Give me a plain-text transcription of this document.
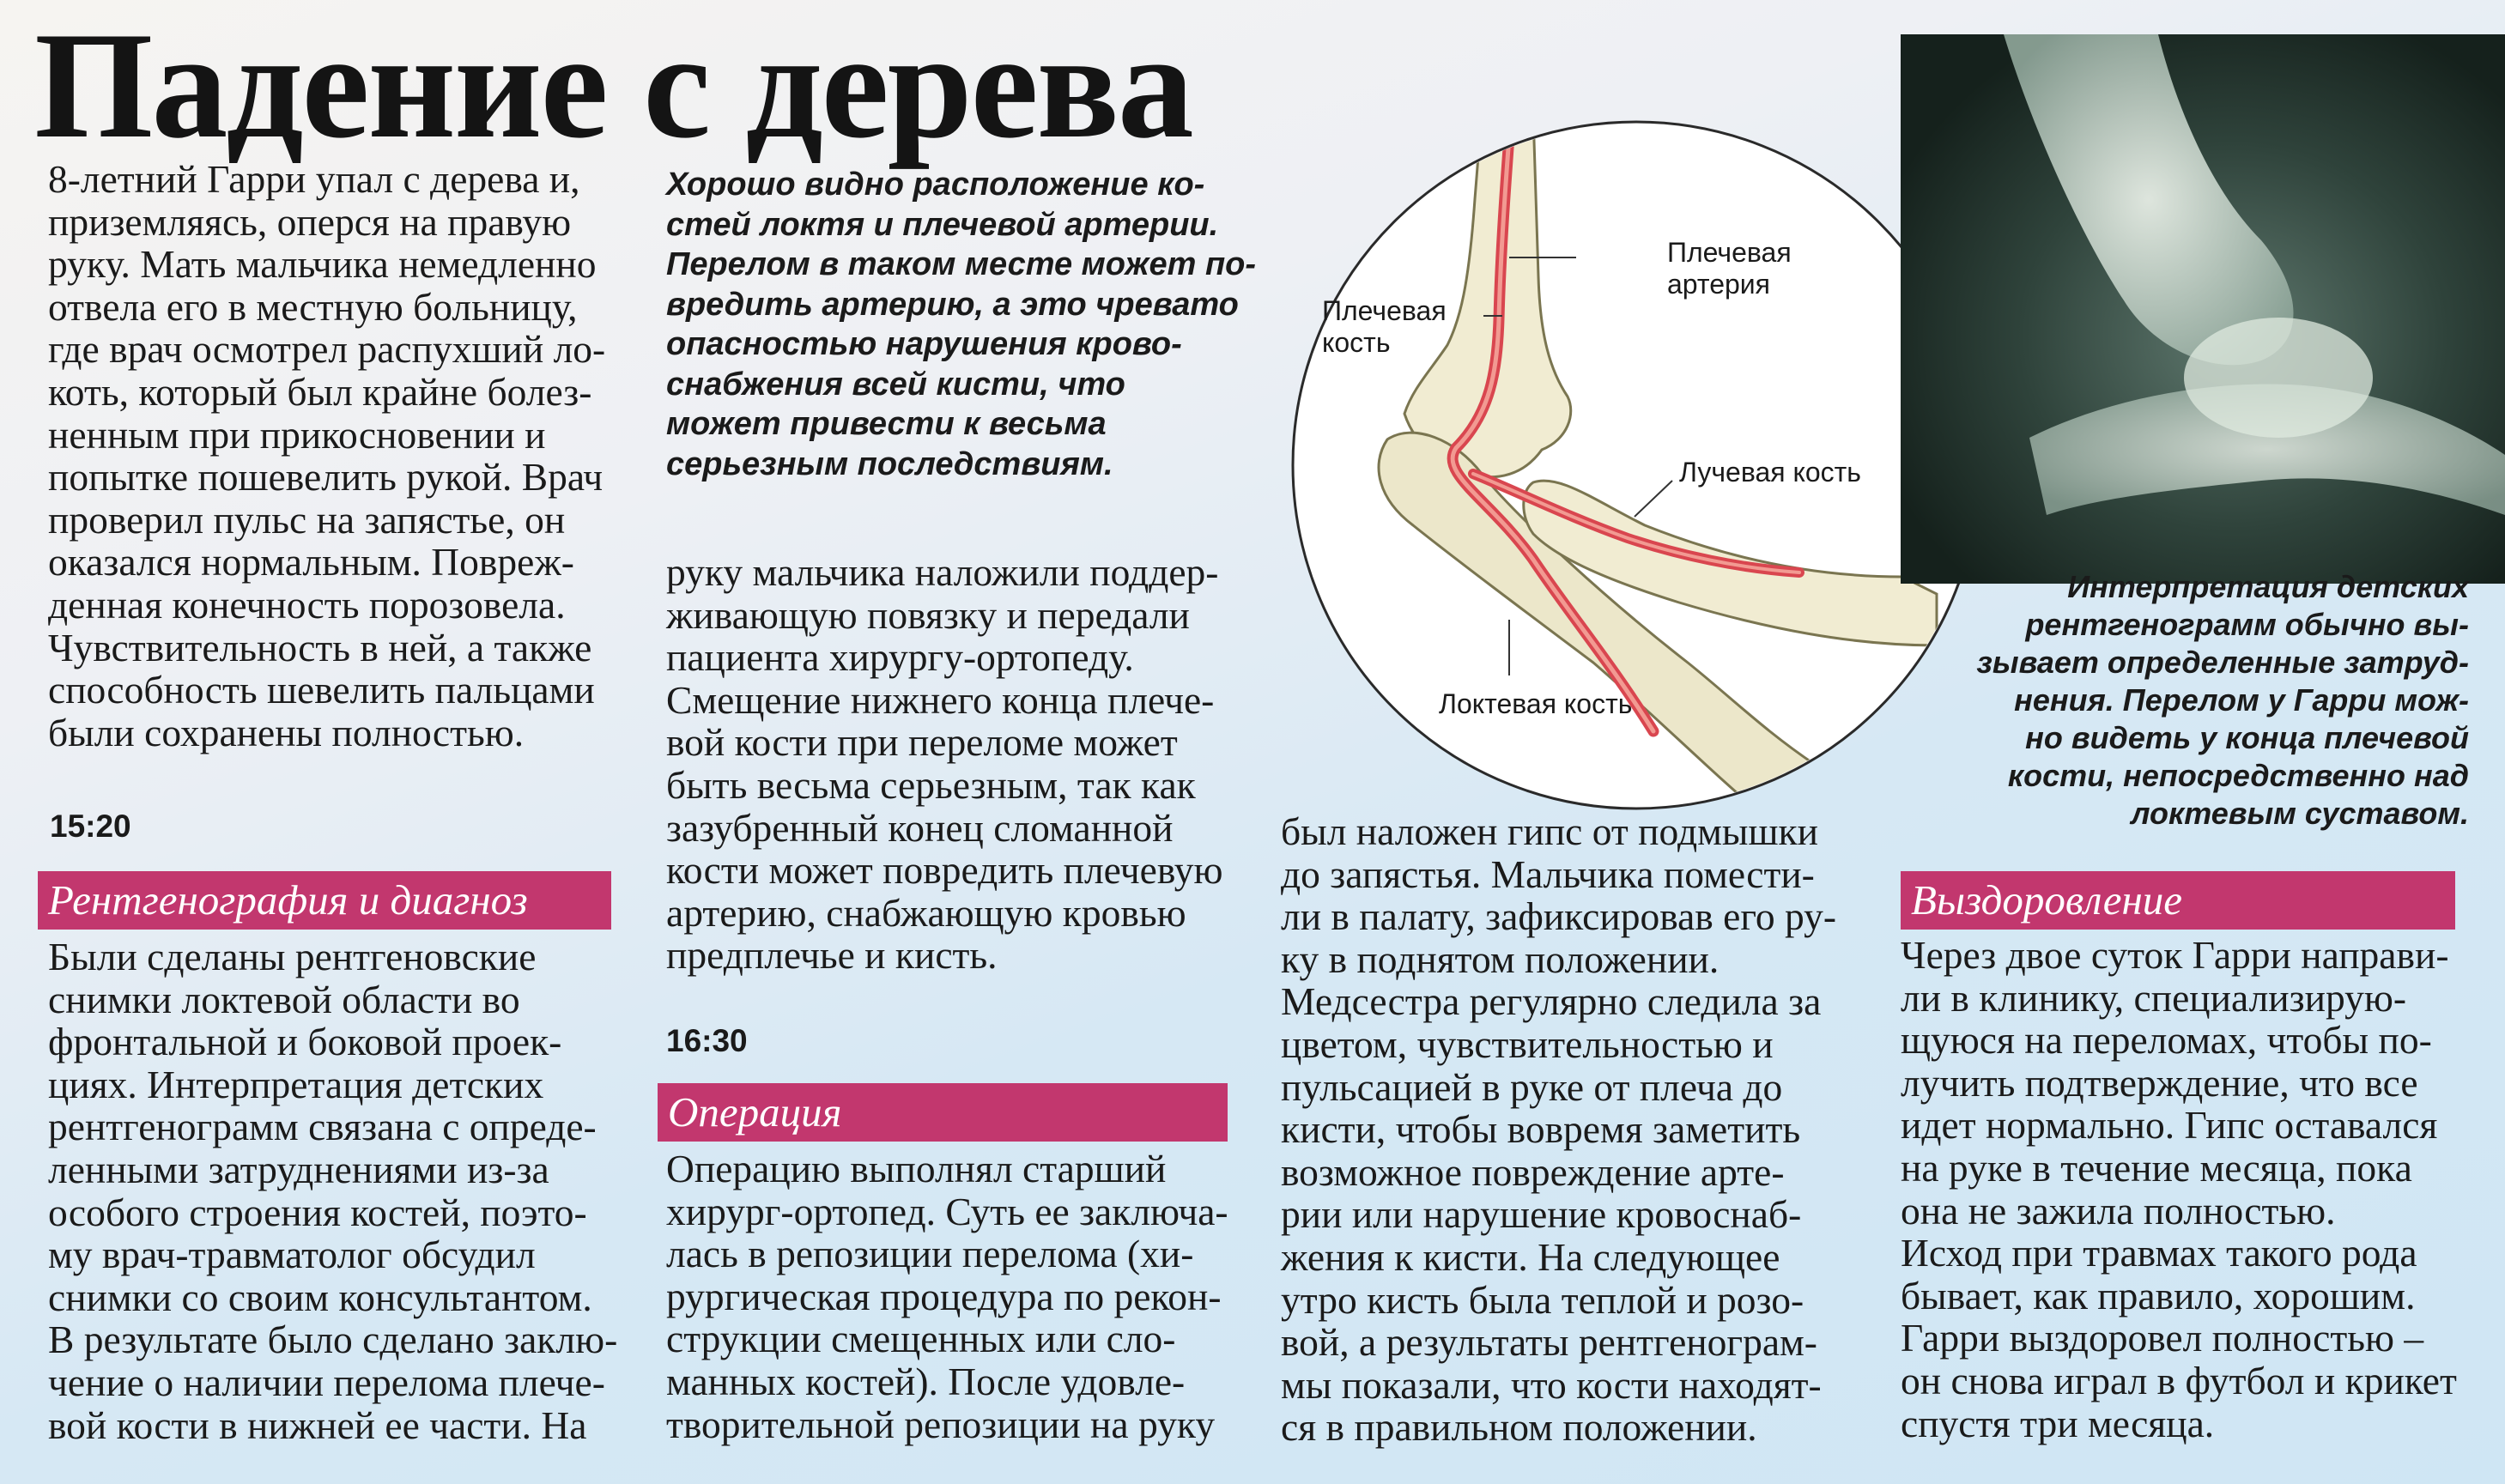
Падение с дерева
8-летний Гарри упал с дерева и,
приземляясь, оперся на правую
руку. Мать мальчика немедленно
отвела его в местную больницу,
где врач осмотрел распухший ло-
коть, который был крайне болез-
ненным при прикосновении и
попытке пошевелить рукой. Врач
проверил пульс на запястье, он
оказался нормальным. Повреж-
денная конечность порозовела.
Чувствительность в ней, а также
способность шевелить пальцами
были сохранены полностью.
15:20
Рентгенография и диагноз
Были сделаны рентгеновские
снимки локтевой области во
фронтальной и боковой проек-
циях. Интерпретация детских
рентгенограмм связана с опреде-
ленными затруднениями из-за
особого строения костей, поэто-
му врач-травматолог обсудил
снимки со своим консультантом.
В результате было сделано заклю-
чение о наличии перелома плече-
вой кости в нижней ее части. На
Хорошо видно расположение ко-
стей локтя и плечевой артерии.
Перелом в таком месте может по-
вредить артерию, а это чревато
опасностью нарушения крово-
снабжения всей кисти, что
может привести к весьма
серьезным последствиям.
руку мальчика наложили поддер-
живающую повязку и передали
пациента хирургу-ортопеду.
Смещение нижнего конца плече-
вой кости при переломе может
быть весьма серьезным, так как
зазубренный конец сломанной
кости может повредить плечевую
артерию, снабжающую кровью
предплечье и кисть.
16:30
Операция
Операцию выполнял старший
хирург-ортопед. Суть ее заключа-
лась в репозиции перелома (хи-
рургическая процедура по рекон-
струкции смещенных или сло-
манных костей). После удовле-
творительной репозиции на руку
был наложен гипс от подмышки
до запястья. Мальчика помести-
ли в палату, зафиксировав его ру-
ку в поднятом положении.
Медсестра регулярно следила за
цветом, чувствительностью и
пульсацией в руке от плеча до
кисти, чтобы вовремя заметить
возможное повреждение арте-
рии или нарушение кровоснаб-
жения к кисти. На следующее
утро кисть была теплой и розо-
вой, а результаты рентгенограм-
мы показали, что кости находят-
ся в правильном положении.
Плечевая
артерия
Плечевая
кость
Лучевая кость
Локтевая кость
Интерпретация детских
рентгенограмм обычно вы-
зывает определенные затруд-
нения. Перелом у Гарри мож-
но видеть у конца плечевой
кости, непосредственно над
локтевым суставом.
Выздоровление
Через двое суток Гарри направи-
ли в клинику, специализирую-
щуюся на переломах, чтобы по-
лучить подтверждение, что все
идет нормально. Гипс оставался
на руке в течение месяца, пока
она не зажила полностью.
Исход при травмах такого рода
бывает, как правило, хорошим.
Гарри выздоровел полностью –
он снова играл в футбол и крикет
спустя три месяца.
